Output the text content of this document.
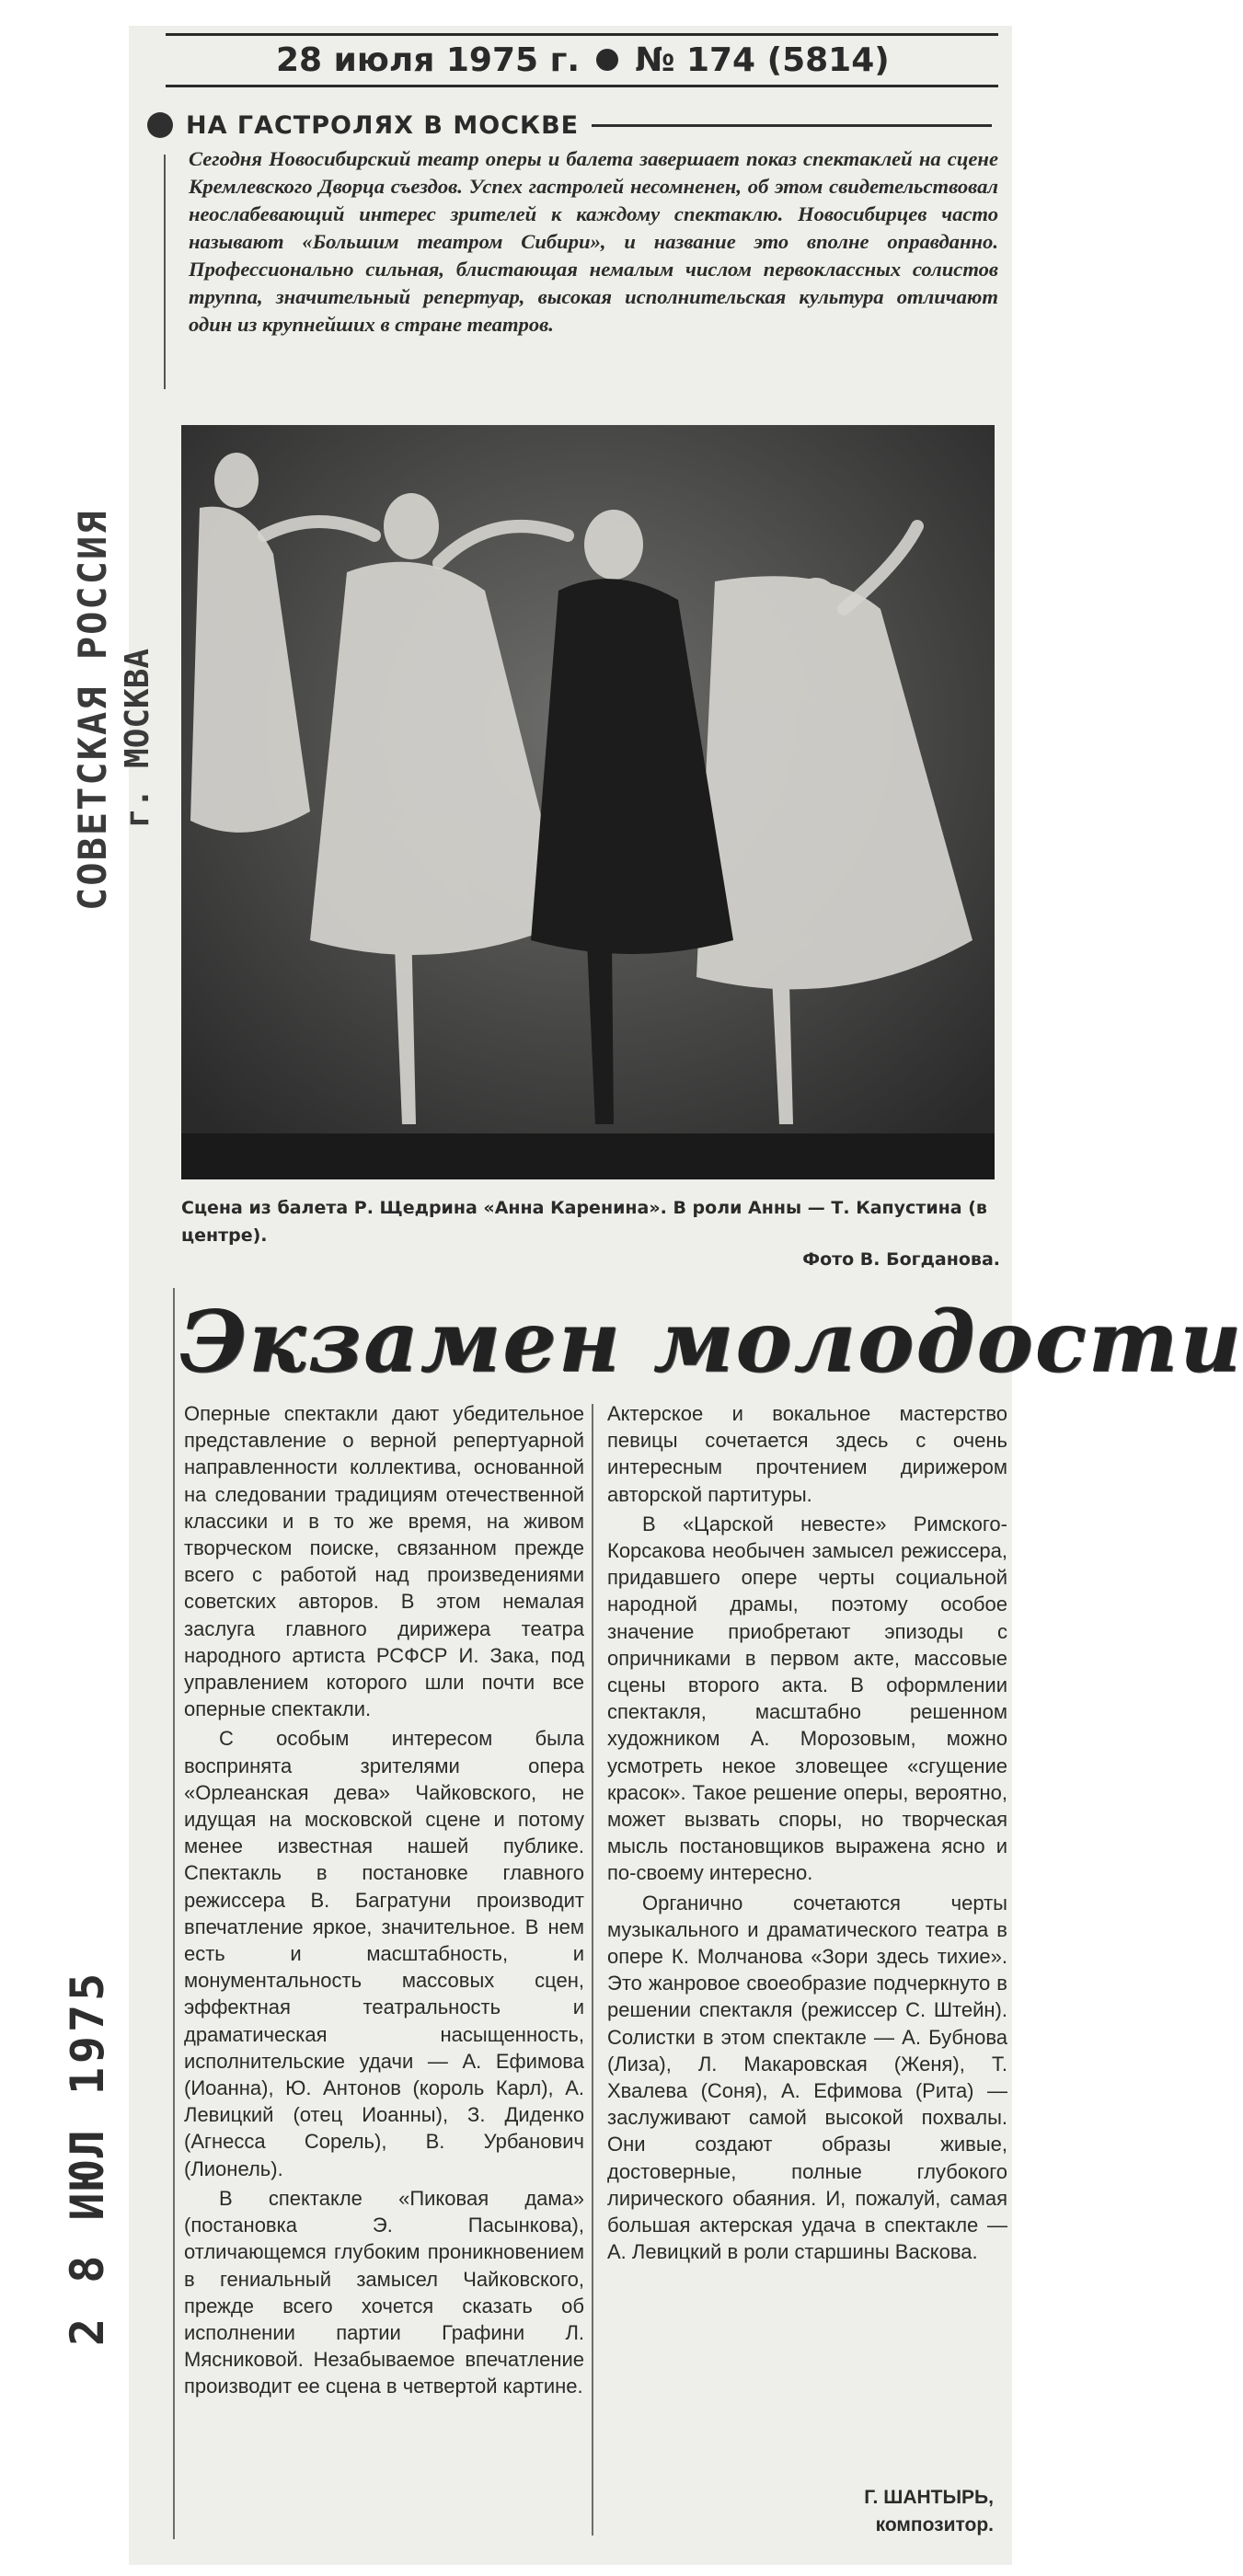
28 июля 1975 г. № 174 (5814)
НА ГАСТРОЛЯХ В МОСКВЕ
Сегодня Новосибирский театр оперы и балета завершает показ спектаклей на сцене Кремлевского Дворца съездов. Успех гастролей несомненен, об этом свидетельствовал неослабевающий интерес зрителей к каждому спектаклю. Новосибирцев часто называют «Большим театром Сибири», и название это вполне оправданно. Профессионально сильная, блистающая немалым числом первоклассных солистов труппа, значительный репертуар, высокая исполнительская культура отличают один из крупнейших в стране театров.
Сцена из балета Р. Щедрина «Анна Каренина». В роли Анны — Т. Капустина (в центре).
Фото В. Богданова.
Экзамен молодости

Оперные спектакли дают убедительное представление о верной репертуарной направленности коллектива, основанной на следовании традициям отечественной классики и в то же время, на живом творческом поиске, связанном прежде всего с работой над произведениями советских авторов. В этом немалая заслуга главного дирижера театра народного артиста РСФСР И. Зака, под управлением которого шли почти все оперные спектакли.

С особым интересом была воспринята зрителями опера «Орлеанская дева» Чайковского, не идущая на московской сцене и потому менее известная нашей публике. Спектакль в постановке главного режиссера В. Багратуни производит впечатление яркое, значительное. В нем есть и масштабность, и монументальность массовых сцен, эффектная театральность и драматическая насыщенность, исполнительские удачи — А. Ефимова (Иоанна), Ю. Антонов (король Карл), А. Левицкий (отец Иоанны), З. Диденко (Агнесса Сорель), В. Урбанович (Лионель).

В спектакле «Пиковая дама» (постановка Э. Пасынкова), отличающемся глубоким проникновением в гениальный замысел Чайковского, прежде всего хочется сказать об исполнении партии Графини Л. Мясниковой. Незабываемое впечатление производит ее сцена в четвертой картине.

Актерское и вокальное мастерство певицы сочетается здесь с очень интересным прочтением дирижером авторской партитуры.

В «Царской невесте» Римского-Корсакова необычен замысел режиссера, придавшего опере черты социальной народной драмы, поэтому особое значение приобретают эпизоды с опричниками в первом акте, массовые сцены второго акта. В оформлении спектакля, масштабно решенном художником А. Морозовым, можно усмотреть некое зловещее «сгущение красок». Такое решение оперы, вероятно, может вызвать споры, но творческая мысль постановщиков выражена ясно и по-своему интересно.

Органично сочетаются черты музыкального и драматического театра в опере К. Молчанова «Зори здесь тихие». Это жанровое своеобразие подчеркнуто в решении спектакля (режиссер С. Штейн). Солистки в этом спектакле — А. Бубнова (Лиза), Л. Макаровская (Женя), Т. Хвалева (Соня), А. Ефимова (Рита) — заслуживают самой высокой похвалы. Они создают образы живые, достоверные, полные глубокого лирического обаяния. И, пожалуй, самая большая актерская удача в спектакле — А. Левицкий в роли старшины Васкова.

Г. ШАНТЫРЬ,
композитор.
СОВЕТСКАЯ РОССИЯ г. МОСКВА
2 8 ИЮЛ 1975
